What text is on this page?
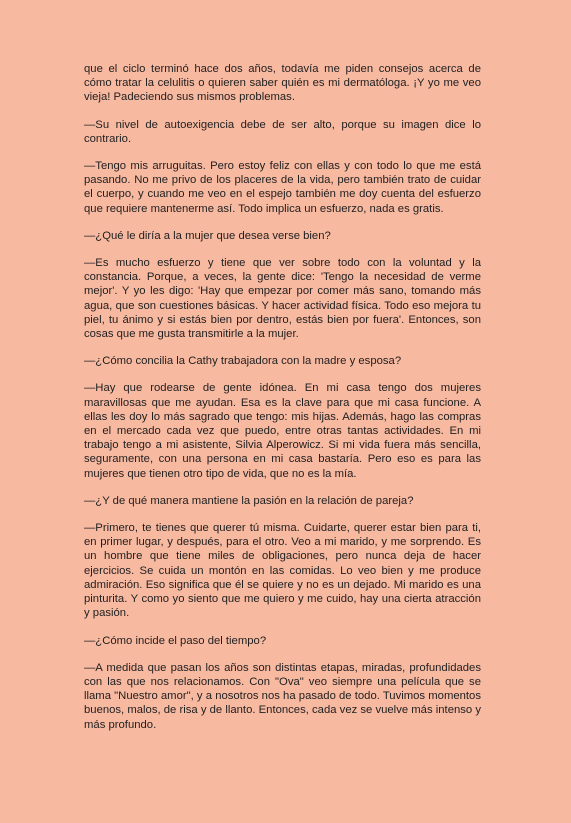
que el ciclo terminó hace dos años, todavía me piden consejos acerca de cómo tratar la celulitis o quieren saber quién es mi dermatóloga. ¡Y yo me veo vieja! Padeciendo sus mismos problemas.

—Su nivel de autoexigencia debe de ser alto, porque su imagen dice lo contrario.

—Tengo mis arruguitas. Pero estoy feliz con ellas y con todo lo que me está pasando. No me privo de los placeres de la vida, pero también trato de cuidar el cuerpo, y cuando me veo en el espejo también me doy cuenta del esfuerzo que requiere mantenerme así. Todo implica un esfuerzo, nada es gratis.

—¿Qué le diría a la mujer que desea verse bien?

—Es mucho esfuerzo y tiene que ver sobre todo con la voluntad y la constancia. Porque, a veces, la gente dice: 'Tengo la necesidad de verme mejor'. Y yo les digo: 'Hay que empezar por comer más sano, tomando más agua, que son cuestiones básicas. Y hacer actividad física. Todo eso mejora tu piel, tu ánimo y si estás bien por dentro, estás bien por fuera'. Entonces, son cosas que me gusta transmitirle a la mujer.

—¿Cómo concilia la Cathy trabajadora con la madre y esposa?

—Hay que rodearse de gente idónea. En mi casa tengo dos mujeres maravillosas que me ayudan. Esa es la clave para que mi casa funcione. A ellas les doy lo más sagrado que tengo: mis hijas. Además, hago las compras en el mercado cada vez que puedo, entre otras tantas actividades. En mi trabajo tengo a mi asistente, Silvia Alperowicz. Si mi vida fuera más sencilla, seguramente, con una persona en mi casa bastaría. Pero eso es para las mujeres que tienen otro tipo de vida, que no es la mía.

—¿Y de qué manera mantiene la pasión en la relación de pareja?

—Primero, te tienes que querer tú misma. Cuidarte, querer estar bien para ti, en primer lugar, y después, para el otro. Veo a mi marido, y me sorprendo. Es un hombre que tiene miles de obligaciones, pero nunca deja de hacer ejercicios. Se cuida un montón en las comidas. Lo veo bien y me produce admiración. Eso significa que él se quiere y no es un dejado. Mi marido es una pinturita. Y como yo siento que me quiero y me cuido, hay una cierta atracción y pasión.

—¿Cómo incide el paso del tiempo?

—A medida que pasan los años son distintas etapas, miradas, profundidades con las que nos relacionamos. Con "Ova" veo siempre una película que se llama "Nuestro amor", y a nosotros nos ha pasado de todo. Tuvimos momentos buenos, malos, de risa y de llanto. Entonces, cada vez se vuelve más intenso y más profundo.
